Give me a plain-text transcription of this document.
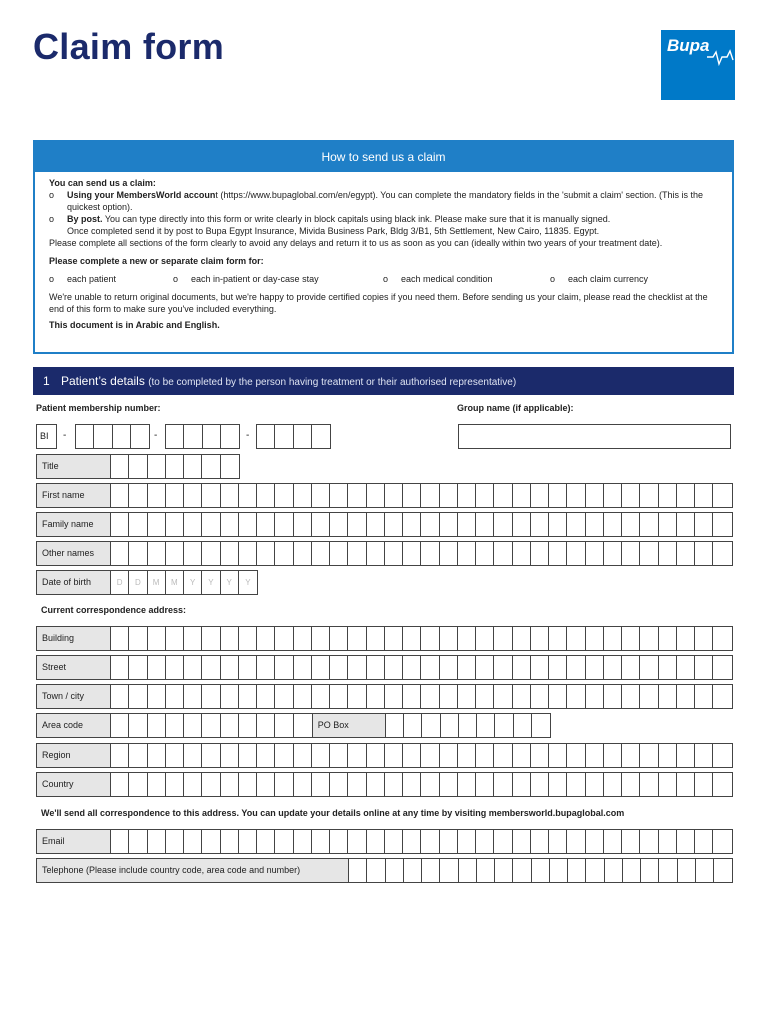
Claim form	Bupa
How to send us a claim
You can send us a claim:
o Using your MembersWorld account (https://www.bupaglobal.com/en/egypt). You can complete the mandatory fields in the 'submit a claim' section. (This is the quickest option).
o By post. You can type directly into this form or write clearly in block capitals using black ink. Please make sure that it is manually signed.
Once completed send it by post to Bupa Egypt Insurance, Mivida Business Park, Bldg 3/B1, 5th Settlement, New Cairo, 11835. Egypt.
Please complete all sections of the form clearly to avoid any delays and return it to us as soon as you can (ideally within two years of your treatment date).
Please complete a new or separate claim form for:
o each patient	o each in-patient or day-case stay	o each medical condition	o each claim currency
We're unable to return original documents, but we're happy to provide certified copies if you need them. Before sending us your claim, please read the checklist at the end of this form to make sure you've included everything.
This document is in Arabic and English.
1 Patient’s details (to be completed by the person having treatment or their authorised representative)
Patient membership number:	Group name (if applicable):
BI	-	-	-
Title
First name
Family name
Other names
Date of birth	D	D	M	M	Y	Y	Y	Y
Current correspondence address:
Building
Street
Town / city
Area code	PO Box
Region
Country
We'll send all correspondence to this address. You can update your details online at any time by visiting membersworld.bupaglobal.com
Email
Telephone (Please include country code, area code and number)
